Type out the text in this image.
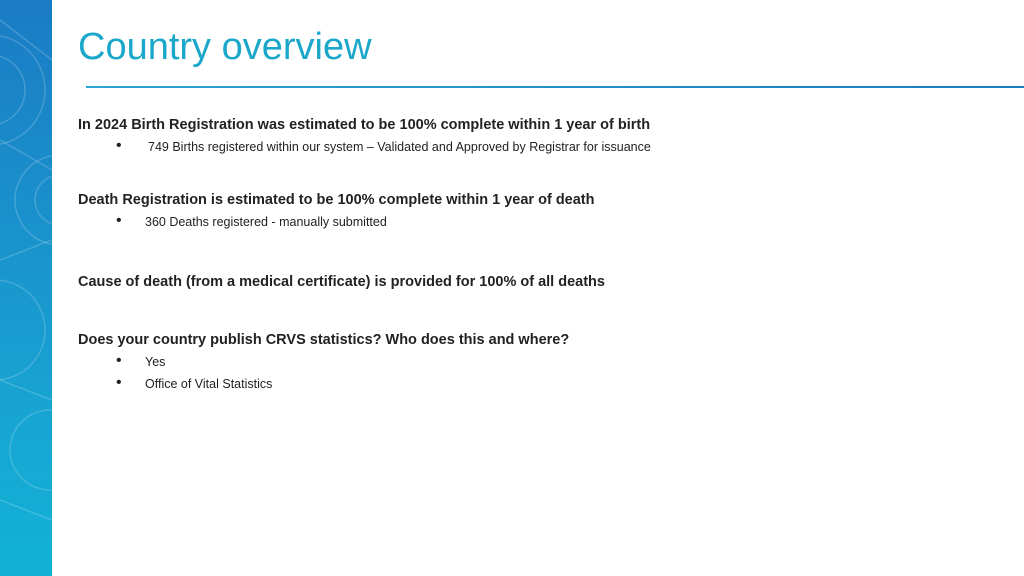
Country overview
In 2024 Birth Registration was estimated to be 100% complete within 1 year of birth
• 749 Births registered within our system – Validated and Approved by Registrar for issuance
Death Registration is estimated to be 100% complete within 1 year of death
• 360 Deaths registered - manually submitted
Cause of death (from a medical certificate) is provided for 100% of all deaths
Does your country publish CRVS statistics? Who does this and where?
• Yes
• Office of Vital Statistics
